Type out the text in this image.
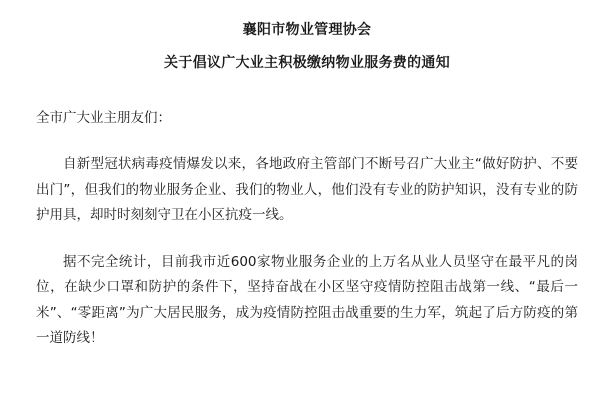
襄阳市物业管理协会
关于倡议广大业主积极缴纳物业服务费的通知

全市广大业主朋友们：

自新型冠状病毒疫情爆发以来，各地政府主管部门不断号召广大业主“做好防护、不要出门”，但我们的物业服务企业、我们的物业人，他们没有专业的防护知识，没有专业的防护用具，却时时刻刻守卫在小区抗疫一线。

据不完全统计，目前我市近600家物业服务企业的上万名从业人员坚守在最平凡的岗位，在缺少口罩和防护的条件下，坚持奋战在小区坚守疫情防控阻击战第一线、“最后一米”、“零距离”为广大居民服务，成为疫情防控阻击战重要的生力军，筑起了后方防疫的第一道防线！
